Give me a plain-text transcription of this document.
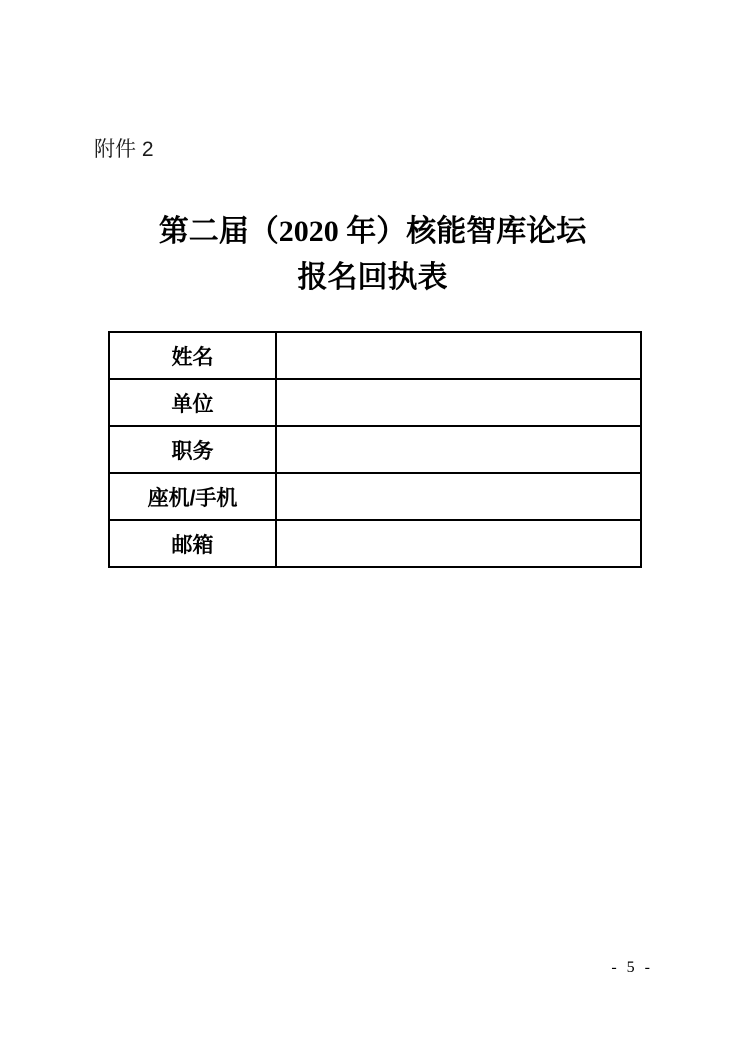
附件 2
第二届（2020 年）核能智库论坛
报名回执表
姓名	
单位	
职务	
座机/手机	
邮箱	
- 5 -
